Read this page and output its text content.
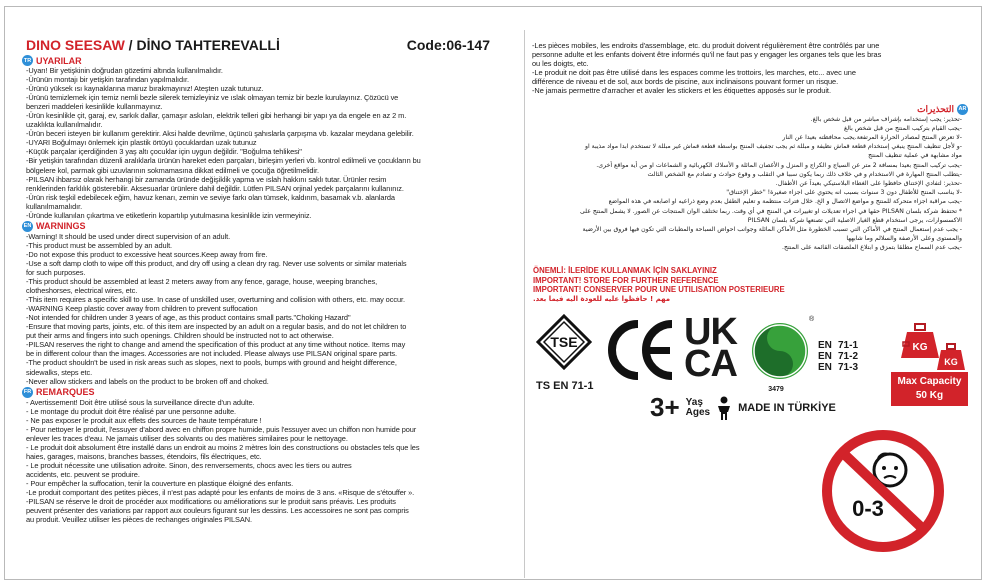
DINO SEESAW / DİNO TAHTEREVALLİ	Code:06-147
TR UYARILAR
-Uyarı! Bir yetişkinin doğrudan gözetimi altında kullanılmalıdır.
-Ürünün montajı bir yetişkin tarafından yapılmalıdır.
-Ürünü yüksek ısı kaynaklarına maruz bırakmayınız! Ateşten uzak tutunuz.
-Ürünü temizlemek için temiz nemli bezle silerek temizleyiniz ve ıslak olmayan temiz bir bezle kurulayınız. Çözücü ve
benzeri maddeleri kesinlikle kullanmayınız.
-Ürün kesinlikle çit, garaj, ev, sarkık dallar, çamaşır askıları, elektrik telleri gibi herhangi bir yapı ya da engele en az 2 m.
uzaklıkta kullanılmalıdır.
-Ürün beceri isteyen bir kullanım gerektirir. Aksi halde devrilme, üçüncü şahıslarla çarpışma vb. kazalar meydana gelebilir.
-UYARI Boğulmayı önlemek için plastik örtüyü çocuklardan uzak tutunuz
-Küçük parçalar içerdiğinden 3 yaş altı çocuklar için uygun değildir. "Boğulma tehlikesi"
-Bir yetişkin tarafından düzenli aralıklarla ürünün hareket eden parçaları, birleşim yerleri vb. kontrol edilmeli ve çocukların bu
bölgelere kol, parmak gibi uzuvlarının sokmamasına dikkat edilmeli ve çocuğa öğretilmelidir.
-PILSAN ihbarsız olarak herhangi bir zamanda üründe değişiklik yapma ve ıslah hakkını saklı tutar. Ürünler resim
renklerinden farklılık gösterebilir. Aksesuarlar ürünlere dahil değildir. Lütfen PILSAN orjinal yedek parçalarını kullanınız.
-Ürün risk teşkil edebilecek eğim, havuz kenarı, zemin ve seviye farkı olan tümsek, kaldırım, basamak v.b. alanlarda
kullanılmamalıdır.
-Üründe kullanılan çıkartma ve etiketlerin kopartılıp yutulmasına kesinlikle izin vermeyiniz.
EN WARNINGS
-Warning! It should be used under direct supervision of an adult.
-This product must be assembled by an adult.
-Do not expose this product to excessive heat sources.Keep away from fire.
-Use a soft damp cloth to wipe off this product, and dry off using a clean dry rag. Never use solvents or similar materials
for such purposes.
-This product should be assembled at least 2 meters away from any fence, garage, house, weeping branches,
clotheshorses, electrical wires, etc.
-This item requires a specific skill to use. In case of unskilled user, overturning and collision with others, etc. may occur.
-WARNING Keep plastic cover away from children to prevent suffocation
-Not intended for children under 3 years of age, as this product contains small parts."Choking Hazard"
-Ensure that moving parts, joints, etc. of this item are inspected by an adult on a regular basis, and do not let children to
put their arms and fingers into such openings. Children should be instructed not to act otherwise.
-PILSAN reserves the right to change and amend the specification of this product at any time without notice. Items may
be in different colour than the images. Accessories are not included. Please always use PILSAN original spare parts.
-The product shouldn't be used in risk areas such as slopes, next to pools, bumps with ground and height difference,
sidewalks, steps etc.
-Never allow stickers and labels on the product to be broken off and choked.
FR REMARQUES
- Avertissement! Doit être utilisé sous la surveillance directe d'un adulte.
- Le montage du produit doit être réalisé par une personne adulte.
- Ne pas exposer le produit aux effets des sources de haute température !
- Pour nettoyer le produit, l'essuyer d'abord avec en chiffon propre humide, puis l'essuyer avec un chiffon non humide pour
enlever les traces d'eau. Ne jamais utiliser des solvants ou des matières similaires pour le nettoyage.
- Le produit doit absolument être installé dans un endroit au moins 2 mètres loin des constructions ou obstacles tels que les
haies, garages, maisons, branches basses, étendoirs, fils électriques, etc.
- Le produit nécessite une utilisation adroite. Sinon, des renversements, chocs avec les tiers ou autres
accidents, etc. peuvent se produire.
- Pour empêcher la suffocation, tenir la couverture en plastique éloigné des enfants.
-Le produit comportant des petites pièces, il n'est pas adapté pour les enfants de moins de 3 ans. «Risque de s'étouffer ».
-PILSAN se réserve le droit de procéder aux modifications ou améliorations sur le produit sans préavis. Les produits
peuvent présenter des variations par rapport aux couleurs figurant sur les dessins. Les accessoires ne sont pas compris
au produit. Veuillez utiliser les pièces de rechanges originales PILSAN.
-Les pièces mobiles, les endroits d'assemblage, etc. du produit doivent régulièrement être contrôlés par une
personne adulte et les enfants doivent être informés qu'il ne faut pas y engager les organes tels que les bras
ou les doigts, etc.
-Le produit ne doit pas être utilisé dans les espaces comme les trottoirs, les marches, etc... avec une
différence de niveau et de sol, aux bords de piscine, aux inclinaisons pouvant former un risque.
-Ne jamais permettre d'arracher et avaler les stickers et les étiquettes apposés sur le produit.
التحذيرات AR
-تحذير: يجب إستخدامه بإشراف مباشر من قبل شخص بالغ.
-يجب القيام بتركيب المنتج من قبل شخص بالغ
-لا تعرض المنتج لمصادر الحرارة المرتفعة.يجب محافظته بعيدا عن النار
-و لأجل تنظيف المنتج ينبغي إستخدام قطعة قماش نظيفة و مبللة ثم يجب تجفيف المنتج بواسطة قطعة قماش غير مبللة لا تستخدم ابدا مواد مذيبة او
مواد مشابهة في عملية تنظيف المنتج
-يجب تركيب المنتج بعيدا بمسافة 2 متر عن السياج و الكراج و المنزل و الأغصان المائلة و الأسلاك الكهربائية و الشماعات او من أية مواقع أخرى.
-يتطلب المنتج المهارة في الاستخدام و في خلاف ذلك ربما يكون سببا في التقلب و وقوع حوادث و تصادم مع الشخص الثالث
-تحذير: لتفادي الإختناق حافظوا على الغطاء البلاستيكي بعيداً عن الأطفال.
-لا يناسب المنتج للأطفال دون 3 سنوات بسبب انه يحتوي على اجزاء صغيرة! "خطر الإختناق"
-يجب مراقبة اجزاء متحركة للمنتج و مواضع الاتصال و الخ. خلال فترات منتظمة و تعليم الطفل بعدم وضع ذراعيه او اصابعه في هذه المواضع
* تحتفظ شركة بلسان PILSAN حقها في اجراء تعديلات او تغييرات في المنتج في أي وقت. ربما تختلف الوان المنتجات عن الصور. لا يشمل المنتج على
الاكسسوارات، يرجى استخدام قطع الغيار الاصلية التي تصنعها شركة بلسان PILSAN
- يجب عدم إستعمال المنتج في الأماكن التي تسبب الخطورة مثل الأماكن المائلة وجوانب احواض السباحة والمطبات التي تكون فيها فروق بين الأرضية
والمستوى وعلى الأرصفة والسلالم وما شابهها
-يجب عدم السماح مطلقا بتمزق و ابتلاع الملصقات القائمة على المنتج.
ÖNEMLİ: İLERİDE KULLANMAK İÇİN SAKLAYINIZ
IMPORTANT! STORE FOR FURTHER REFERENCE
IMPORTANT! CONSERVER POUR UNE UTILISATION POSTERIEURE
مهم ! حافظوا عليه للعودة اليه فيما بعد.
TSE
TS EN 71-1
UK
CA
3479
®
EN 71-1
EN 71-2
EN 71-3
KG
KG
Max Capacity
50 Kg
3+ Yaş
Ages	MADE IN TÜRKİYE
0-3
